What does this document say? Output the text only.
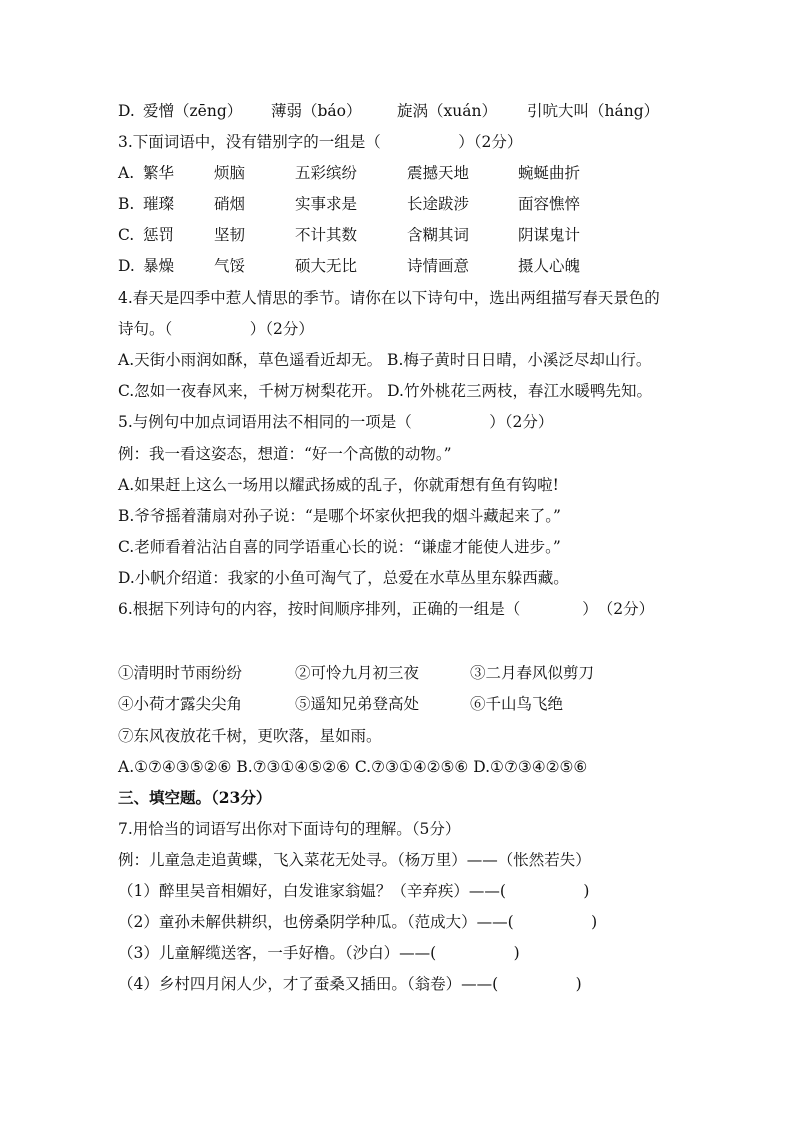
D. 爱憎（zēng） 薄弱（báo） 旋涡（xuán） 引吭大叫（háng）
3.下面词语中，没有错别字的一组是（　　　　　）（2分）
A. 繁华	烦脑	五彩缤纷	震撼天地	蜿蜒曲折
B. 璀璨	硝烟	实事求是	长途跋涉	面容憔悴
C. 惩罚	坚韧	不计其数	含糊其词	阴谋鬼计
D. 暴燥	气馁	硕大无比	诗情画意	摄人心魄
4.春天是四季中惹人情思的季节。请你在以下诗句中，选出两组描写春天景色的
诗句。（　　　　　）（2分）
A.天街小雨润如酥，草色遥看近却无。 B.梅子黄时日日晴，小溪泛尽却山行。
C.忽如一夜春风来，千树万树梨花开。 D.竹外桃花三两枝，春江水暖鸭先知。
5.与例句中加点词语用法不相同的一项是（　　　　　）（2分）
例：我一看这姿态，想道：“好一个高傲的动物。”
A.如果赶上这么一场用以耀武扬威的乱子，你就甭想有鱼有钩啦!
B.爷爷摇着蒲扇对孙子说：“是哪个坏家伙把我的烟斗藏起来了。”
C.老师看着沾沾自喜的同学语重心长的说：“谦虚才能使人进步。”
D.小帆介绍道：我家的小鱼可淘气了，总爱在水草丛里东躲西藏。
6.根据下列诗句的内容，按时间顺序排列，正确的一组是（　　　　）　（2分）
①清明时节雨纷纷	②可怜九月初三夜	③二月春风似剪刀
④小荷才露尖尖角	⑤遥知兄弟登高处	⑥千山鸟飞绝
⑦东风夜放花千树，更吹落，星如雨。
A.①⑦④③⑤②⑥ B.⑦③①④⑤②⑥ C.⑦③①④②⑤⑥ D.①⑦③④②⑤⑥
三、填空题。（23分）
7.用恰当的词语写出你对下面诗句的理解。（5分）
例：儿童急走追黄蝶，飞入菜花无处寻。（杨万里）——（怅然若失）
（1）醉里吴音相媚好，白发谁家翁媪？（辛弃疾）——(　　　　　)
（2）童孙未解供耕织，也傍桑阴学种瓜。（范成大）——(　　　　　)
（3）儿童解缆送客，一手好橹。（沙白）——(　　　　　)
（4）乡村四月闲人少，才了蚕桑又插田。（翁卷）——(　　　　　)
